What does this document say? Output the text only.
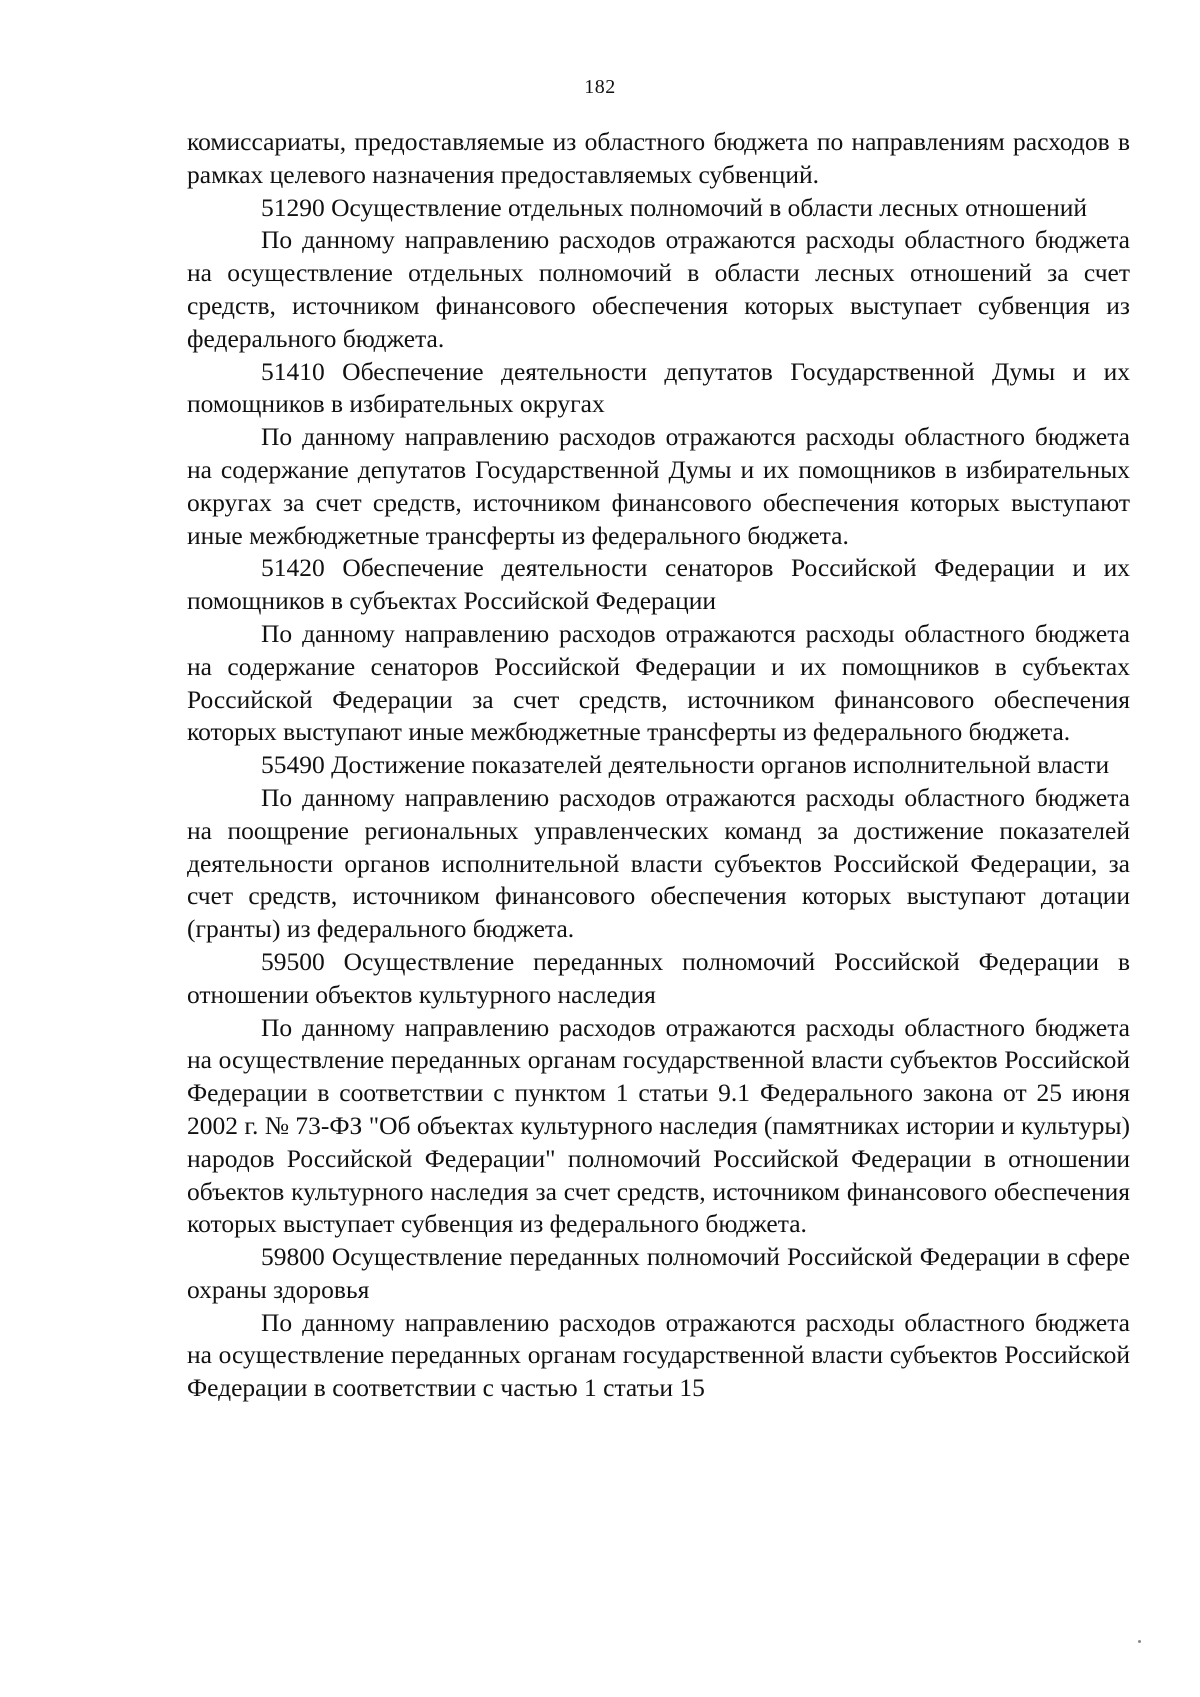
182

комиссариаты, предоставляемые из областного бюджета по направлениям расходов в рамках целевого назначения предоставляемых субвенций.

51290 Осуществление отдельных полномочий в области лесных отношений

По данному направлению расходов отражаются расходы областного бюджета на осуществление отдельных полномочий в области лесных отношений за счет средств, источником финансового обеспечения которых выступает субвенция из федерального бюджета.

51410 Обеспечение деятельности депутатов Государственной Думы и их помощников в избирательных округах

По данному направлению расходов отражаются расходы областного бюджета на содержание депутатов Государственной Думы и их помощников в избирательных округах за счет средств, источником финансового обеспечения которых выступают иные межбюджетные трансферты из федерального бюджета.

51420 Обеспечение деятельности сенаторов Российской Федерации и их помощников в субъектах Российской Федерации

По данному направлению расходов отражаются расходы областного бюджета на содержание сенаторов Российской Федерации и их помощников в субъектах Российской Федерации за счет средств, источником финансового обеспечения которых выступают иные межбюджетные трансферты из федерального бюджета.

55490 Достижение показателей деятельности органов исполнительной власти

По данному направлению расходов отражаются расходы областного бюджета на поощрение региональных управленческих команд за достижение показателей деятельности органов исполнительной власти субъектов Российской Федерации, за счет средств, источником финансового обеспечения которых выступают дотации (гранты) из федерального бюджета.

59500 Осуществление переданных полномочий Российской Федерации в отношении объектов культурного наследия

По данному направлению расходов отражаются расходы областного бюджета на осуществление переданных органам государственной власти субъектов Российской Федерации в соответствии с пунктом 1 статьи 9.1 Федерального закона от 25 июня 2002 г. № 73-ФЗ "Об объектах культурного наследия (памятниках истории и культуры) народов Российской Федерации" полномочий Российской Федерации в отношении объектов культурного наследия за счет средств, источником финансового обеспечения которых выступает субвенция из федерального бюджета.

59800 Осуществление переданных полномочий Российской Федерации в сфере охраны здоровья

По данному направлению расходов отражаются расходы областного бюджета на осуществление переданных органам государственной власти субъектов Российской Федерации в соответствии с частью 1 статьи 15
